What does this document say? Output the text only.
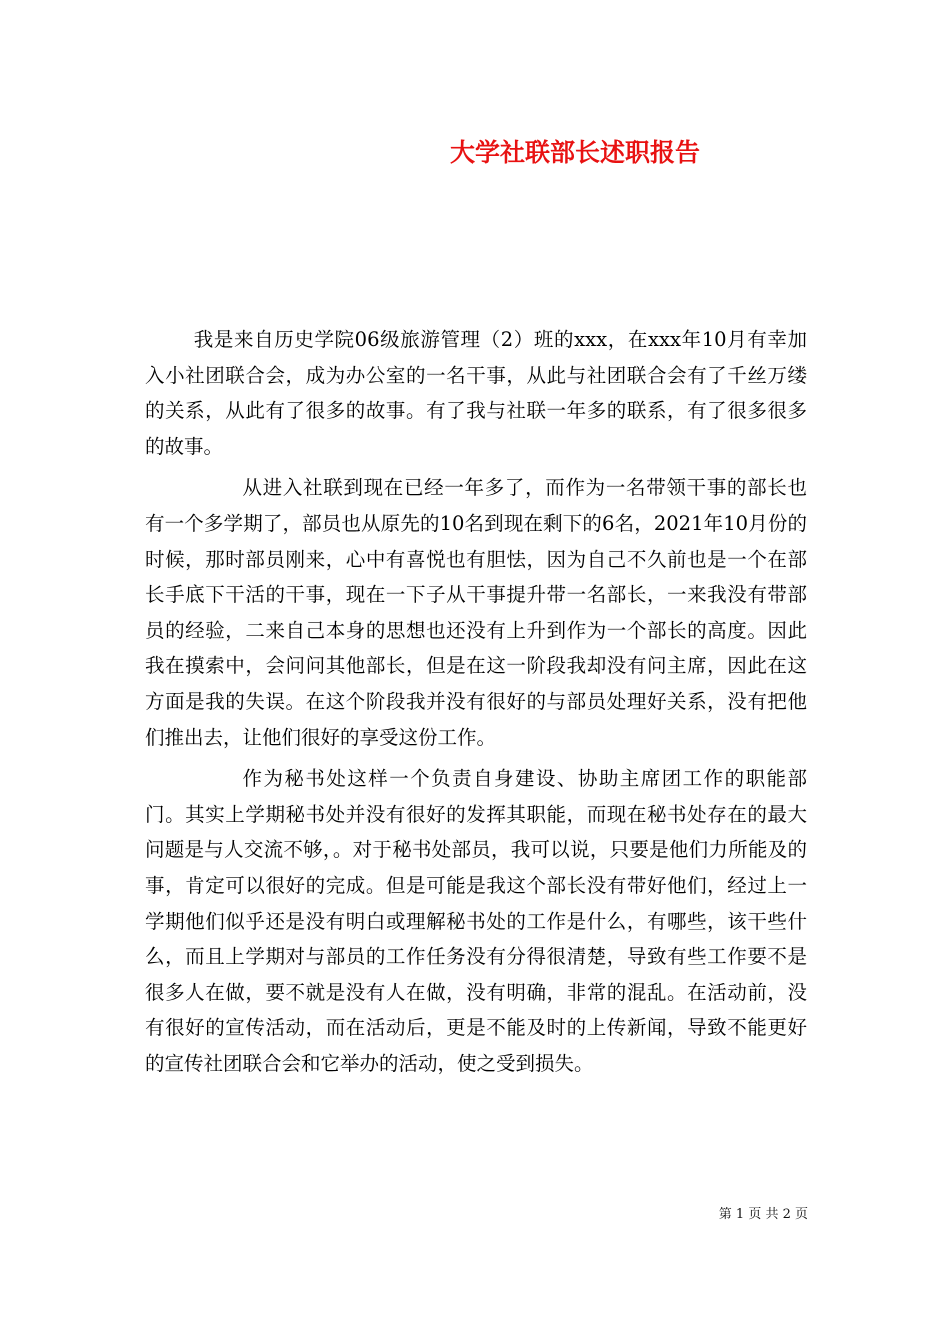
大学社联部长述职报告

我是来自历史学院06级旅游管理（2）班的xxx，在xxx年10月有幸加入小社团联合会，成为办公室的一名干事，从此与社团联合会有了千丝万缕的关系，从此有了很多的故事。有了我与社联一年多的联系，有了很多很多的故事。

从进入社联到现在已经一年多了，而作为一名带领干事的部长也有一个多学期了，部员也从原先的10名到现在剩下的6名，2021年10月份的时候，那时部员刚来，心中有喜悦也有胆怯，因为自己不久前也是一个在部长手底下干活的干事，现在一下子从干事提升带一名部长，一来我没有带部员的经验，二来自己本身的思想也还没有上升到作为一个部长的高度。因此我在摸索中，会问问其他部长，但是在这一阶段我却没有问主席，因此在这方面是我的失误。在这个阶段我并没有很好的与部员处理好关系，没有把他们推出去，让他们很好的享受这份工作。

作为秘书处这样一个负责自身建设、协助主席团工作的职能部门。其实上学期秘书处并没有很好的发挥其职能，而现在秘书处存在的最大问题是与人交流不够，。对于秘书处部员，我可以说，只要是他们力所能及的事，肯定可以很好的完成。但是可能是我这个部长没有带好他们，经过上一学期他们似乎还是没有明白或理解秘书处的工作是什么，有哪些，该干些什么，而且上学期对与部员的工作任务没有分得很清楚，导致有些工作要不是很多人在做，要不就是没有人在做，没有明确，非常的混乱。在活动前，没有很好的宣传活动，而在活动后，更是不能及时的上传新闻，导致不能更好的宣传社团联合会和它举办的活动，使之受到损失。

第 1 页 共 2 页
